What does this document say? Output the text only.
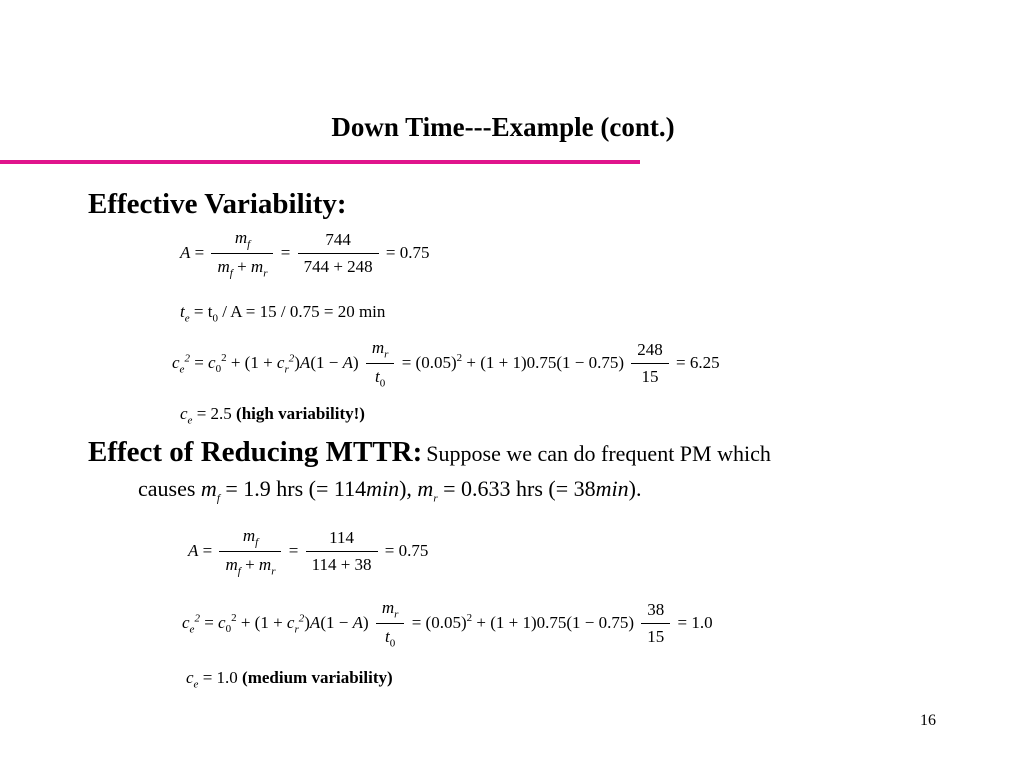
Down Time---Example (cont.)
Effective Variability:
$A = \frac{m_f}{m_f + m_r} = \frac{744}{744 + 248} = 0.75$
$t_e = t_0 / A = 15 / 0.75 = 20$ min
$c_e^2 = c_0^2 + (1 + c_r^2)A(1 - A) \frac{m_r}{t_0} = (0.05)^2 + (1 + 1)0.75(1 - 0.75) \frac{248}{15} = 6.25$
$c_e = 2.5$ (high variability!)
Effect of Reducing MTTR: Suppose we can do frequent PM which
causes $m_f = 1.9$ hrs (= 114min), $m_r = 0.633$ hrs (= 38min).
$A = \frac{m_f}{m_f + m_r} = \frac{114}{114 + 38} = 0.75$
$c_e^2 = c_0^2 + (1 + c_r^2)A(1 - A) \frac{m_r}{t_0} = (0.05)^2 + (1 + 1)0.75(1 - 0.75) \frac{38}{15} = 1.0$
$c_e = 1.0$ (medium variability)
16
